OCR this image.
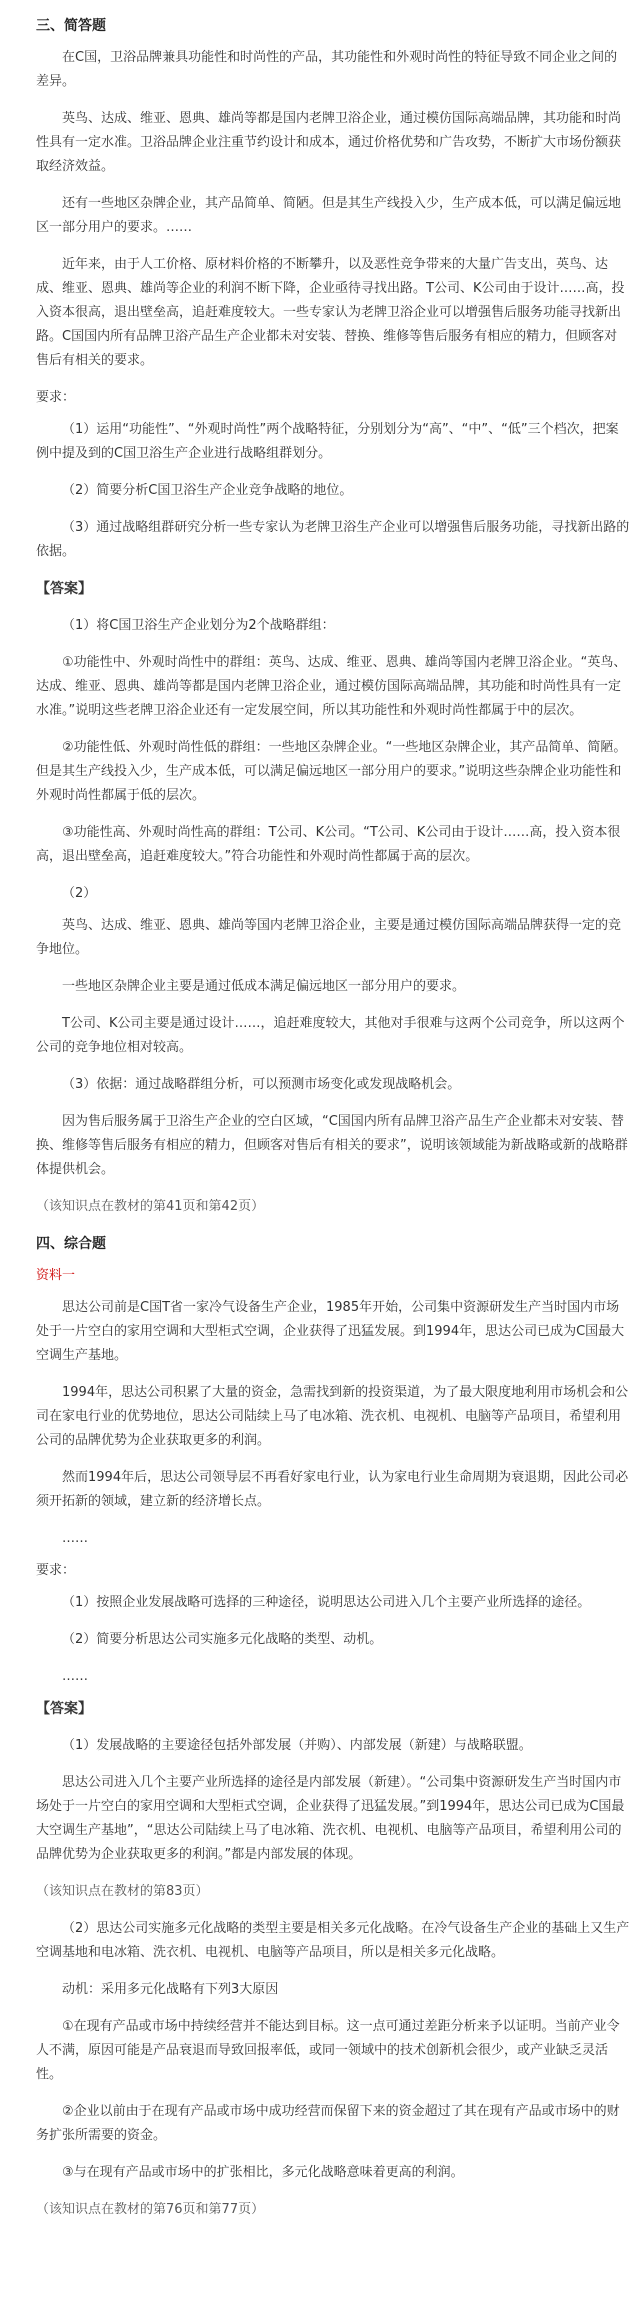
三、简答题

在C国，卫浴品牌兼具功能性和时尚性的产品，其功能性和外观时尚性的特征导致不同企业之间的差异。

英鸟、达成、维亚、恩典、雄尚等都是国内老牌卫浴企业，通过模仿国际高端品牌，其功能和时尚性具有一定水准。卫浴品牌企业注重节约设计和成本，通过价格优势和广告攻势，不断扩大市场份额获取经济效益。

还有一些地区杂牌企业，其产品简单、简陋。但是其生产线投入少，生产成本低，可以满足偏远地区一部分用户的要求。……

近年来，由于人工价格、原材料价格的不断攀升，以及恶性竞争带来的大量广告支出，英鸟、达成、维亚、恩典、雄尚等企业的利润不断下降，企业亟待寻找出路。T公司、K公司由于设计……高，投入资本很高，退出壁垒高，追赶难度较大。一些专家认为老牌卫浴企业可以增强售后服务功能寻找新出路。C国国内所有品牌卫浴产品生产企业都未对安装、替换、维修等售后服务有相应的精力，但顾客对售后有相关的要求。

要求：

（1）运用“功能性”、“外观时尚性”两个战略特征，分别划分为“高”、“中”、“低”三个档次，把案例中提及到的C国卫浴生产企业进行战略组群划分。

（2）简要分析C国卫浴生产企业竞争战略的地位。

（3）通过战略组群研究分析一些专家认为老牌卫浴生产企业可以增强售后服务功能，寻找新出路的依据。

【答案】

（1）将C国卫浴生产企业划分为2个战略群组：

①功能性中、外观时尚性中的群组：英鸟、达成、维亚、恩典、雄尚等国内老牌卫浴企业。“英鸟、达成、维亚、恩典、雄尚等都是国内老牌卫浴企业，通过模仿国际高端品牌，其功能和时尚性具有一定水准。”说明这些老牌卫浴企业还有一定发展空间，所以其功能性和外观时尚性都属于中的层次。

②功能性低、外观时尚性低的群组：一些地区杂牌企业。“一些地区杂牌企业，其产品简单、简陋。但是其生产线投入少，生产成本低，可以满足偏远地区一部分用户的要求。”说明这些杂牌企业功能性和外观时尚性都属于低的层次。

③功能性高、外观时尚性高的群组：T公司、K公司。“T公司、K公司由于设计……高，投入资本很高，退出壁垒高，追赶难度较大。”符合功能性和外观时尚性都属于高的层次。

（2）

英鸟、达成、维亚、恩典、雄尚等国内老牌卫浴企业，主要是通过模仿国际高端品牌获得一定的竞争地位。

一些地区杂牌企业主要是通过低成本满足偏远地区一部分用户的要求。

T公司、K公司主要是通过设计……，追赶难度较大，其他对手很难与这两个公司竞争，所以这两个公司的竞争地位相对较高。

（3）依据：通过战略群组分析，可以预测市场变化或发现战略机会。

因为售后服务属于卫浴生产企业的空白区域，“C国国内所有品牌卫浴产品生产企业都未对安装、替换、维修等售后服务有相应的精力，但顾客对售后有相关的要求”，说明该领域能为新战略或新的战略群体提供机会。

（该知识点在教材的第41页和第42页）

四、综合题

资料一

思达公司前是C国T省一家冷气设备生产企业，1985年开始，公司集中资源研发生产当时国内市场处于一片空白的家用空调和大型柜式空调，企业获得了迅猛发展。到1994年，思达公司已成为C国最大空调生产基地。

1994年，思达公司积累了大量的资金，急需找到新的投资渠道，为了最大限度地利用市场机会和公司在家电行业的优势地位，思达公司陆续上马了电冰箱、洗衣机、电视机、电脑等产品项目，希望利用公司的品牌优势为企业获取更多的利润。

然而1994年后，思达公司领导层不再看好家电行业，认为家电行业生命周期为衰退期，因此公司必须开拓新的领域，建立新的经济增长点。

……

要求：

（1）按照企业发展战略可选择的三种途径，说明思达公司进入几个主要产业所选择的途径。

（2）简要分析思达公司实施多元化战略的类型、动机。

……

【答案】

（1）发展战略的主要途径包括外部发展（并购）、内部发展（新建）与战略联盟。

思达公司进入几个主要产业所选择的途径是内部发展（新建）。“公司集中资源研发生产当时国内市场处于一片空白的家用空调和大型柜式空调，企业获得了迅猛发展。”到1994年，思达公司已成为C国最大空调生产基地”，“思达公司陆续上马了电冰箱、洗衣机、电视机、电脑等产品项目，希望利用公司的品牌优势为企业获取更多的利润。”都是内部发展的体现。

（该知识点在教材的第83页）

（2）思达公司实施多元化战略的类型主要是相关多元化战略。在冷气设备生产企业的基础上又生产空调基地和电冰箱、洗衣机、电视机、电脑等产品项目，所以是相关多元化战略。

动机：采用多元化战略有下列3大原因

①在现有产品或市场中持续经营并不能达到目标。这一点可通过差距分析来予以证明。当前产业令人不满，原因可能是产品衰退而导致回报率低，或同一领域中的技术创新机会很少，或产业缺乏灵活性。

②企业以前由于在现有产品或市场中成功经营而保留下来的资金超过了其在现有产品或市场中的财务扩张所需要的资金。

③与在现有产品或市场中的扩张相比，多元化战略意味着更高的利润。

（该知识点在教材的第76页和第77页）
